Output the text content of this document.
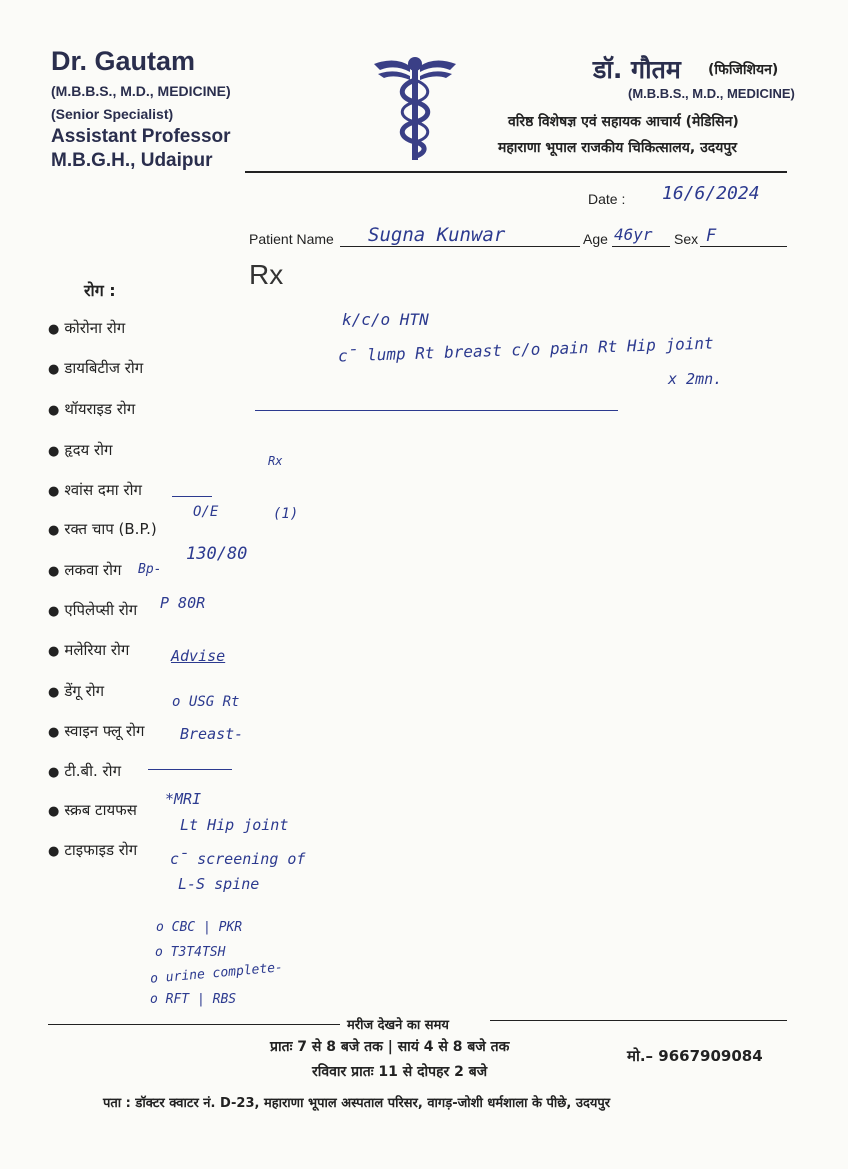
Dr. Gautam
(M.B.B.S., M.D., MEDICINE)
(Senior Specialist)
Assistant Professor
M.B.G.H., Udaipur
डॉ. गौतम (फिजिशियन)
(M.B.B.S., M.D., MEDICINE)
वरिष्ठ विशेषज्ञ एवं सहायक आचार्य (मेडिसिन)
महाराणा भूपाल राजकीय चिकित्सालय, उदयपुर
Date : 16/6/2024
Patient Name Sugna Kunwar	Age 46yr Sex F
Rx
रोग :
● कोरोना रोग
● डायबिटीज रोग
● थॉयराइड रोग
● हृदय रोग
● श्वांस दमा रोग
● रक्त चाप (B.P.)
● लकवा रोग
● एपिलेप्सी रोग
● मलेरिया रोग
● डेंगू रोग
● स्वाइन फ्लू रोग
● टी.बी. रोग
● स्क्रब टायफस
● टाइफाइड रोग
k/c/o HTN
c̄ lump Rt breast c/o pain Rt Hip joint
x 2mn.
Rx
(1)
O/E
Bp-
130/80
P 80R
Advise
o USG Rt
Breast-
*MRI
Lt Hip joint
c̄ screening of
L-S spine
o CBC | PKR
o T3T4TSH
o urine complete-
o RFT | RBS
मरीज देखने का समय
प्रातः 7 से 8 बजे तक | सायं 4 से 8 बजे तक
रविवार प्रातः 11 से दोपहर 2 बजे
मो.– 9667909084
पता : डॉक्टर क्वाटर नं. D-23, महाराणा भूपाल अस्पताल परिसर, वागड़-जोशी धर्मशाला के पीछे, उदयपुर
